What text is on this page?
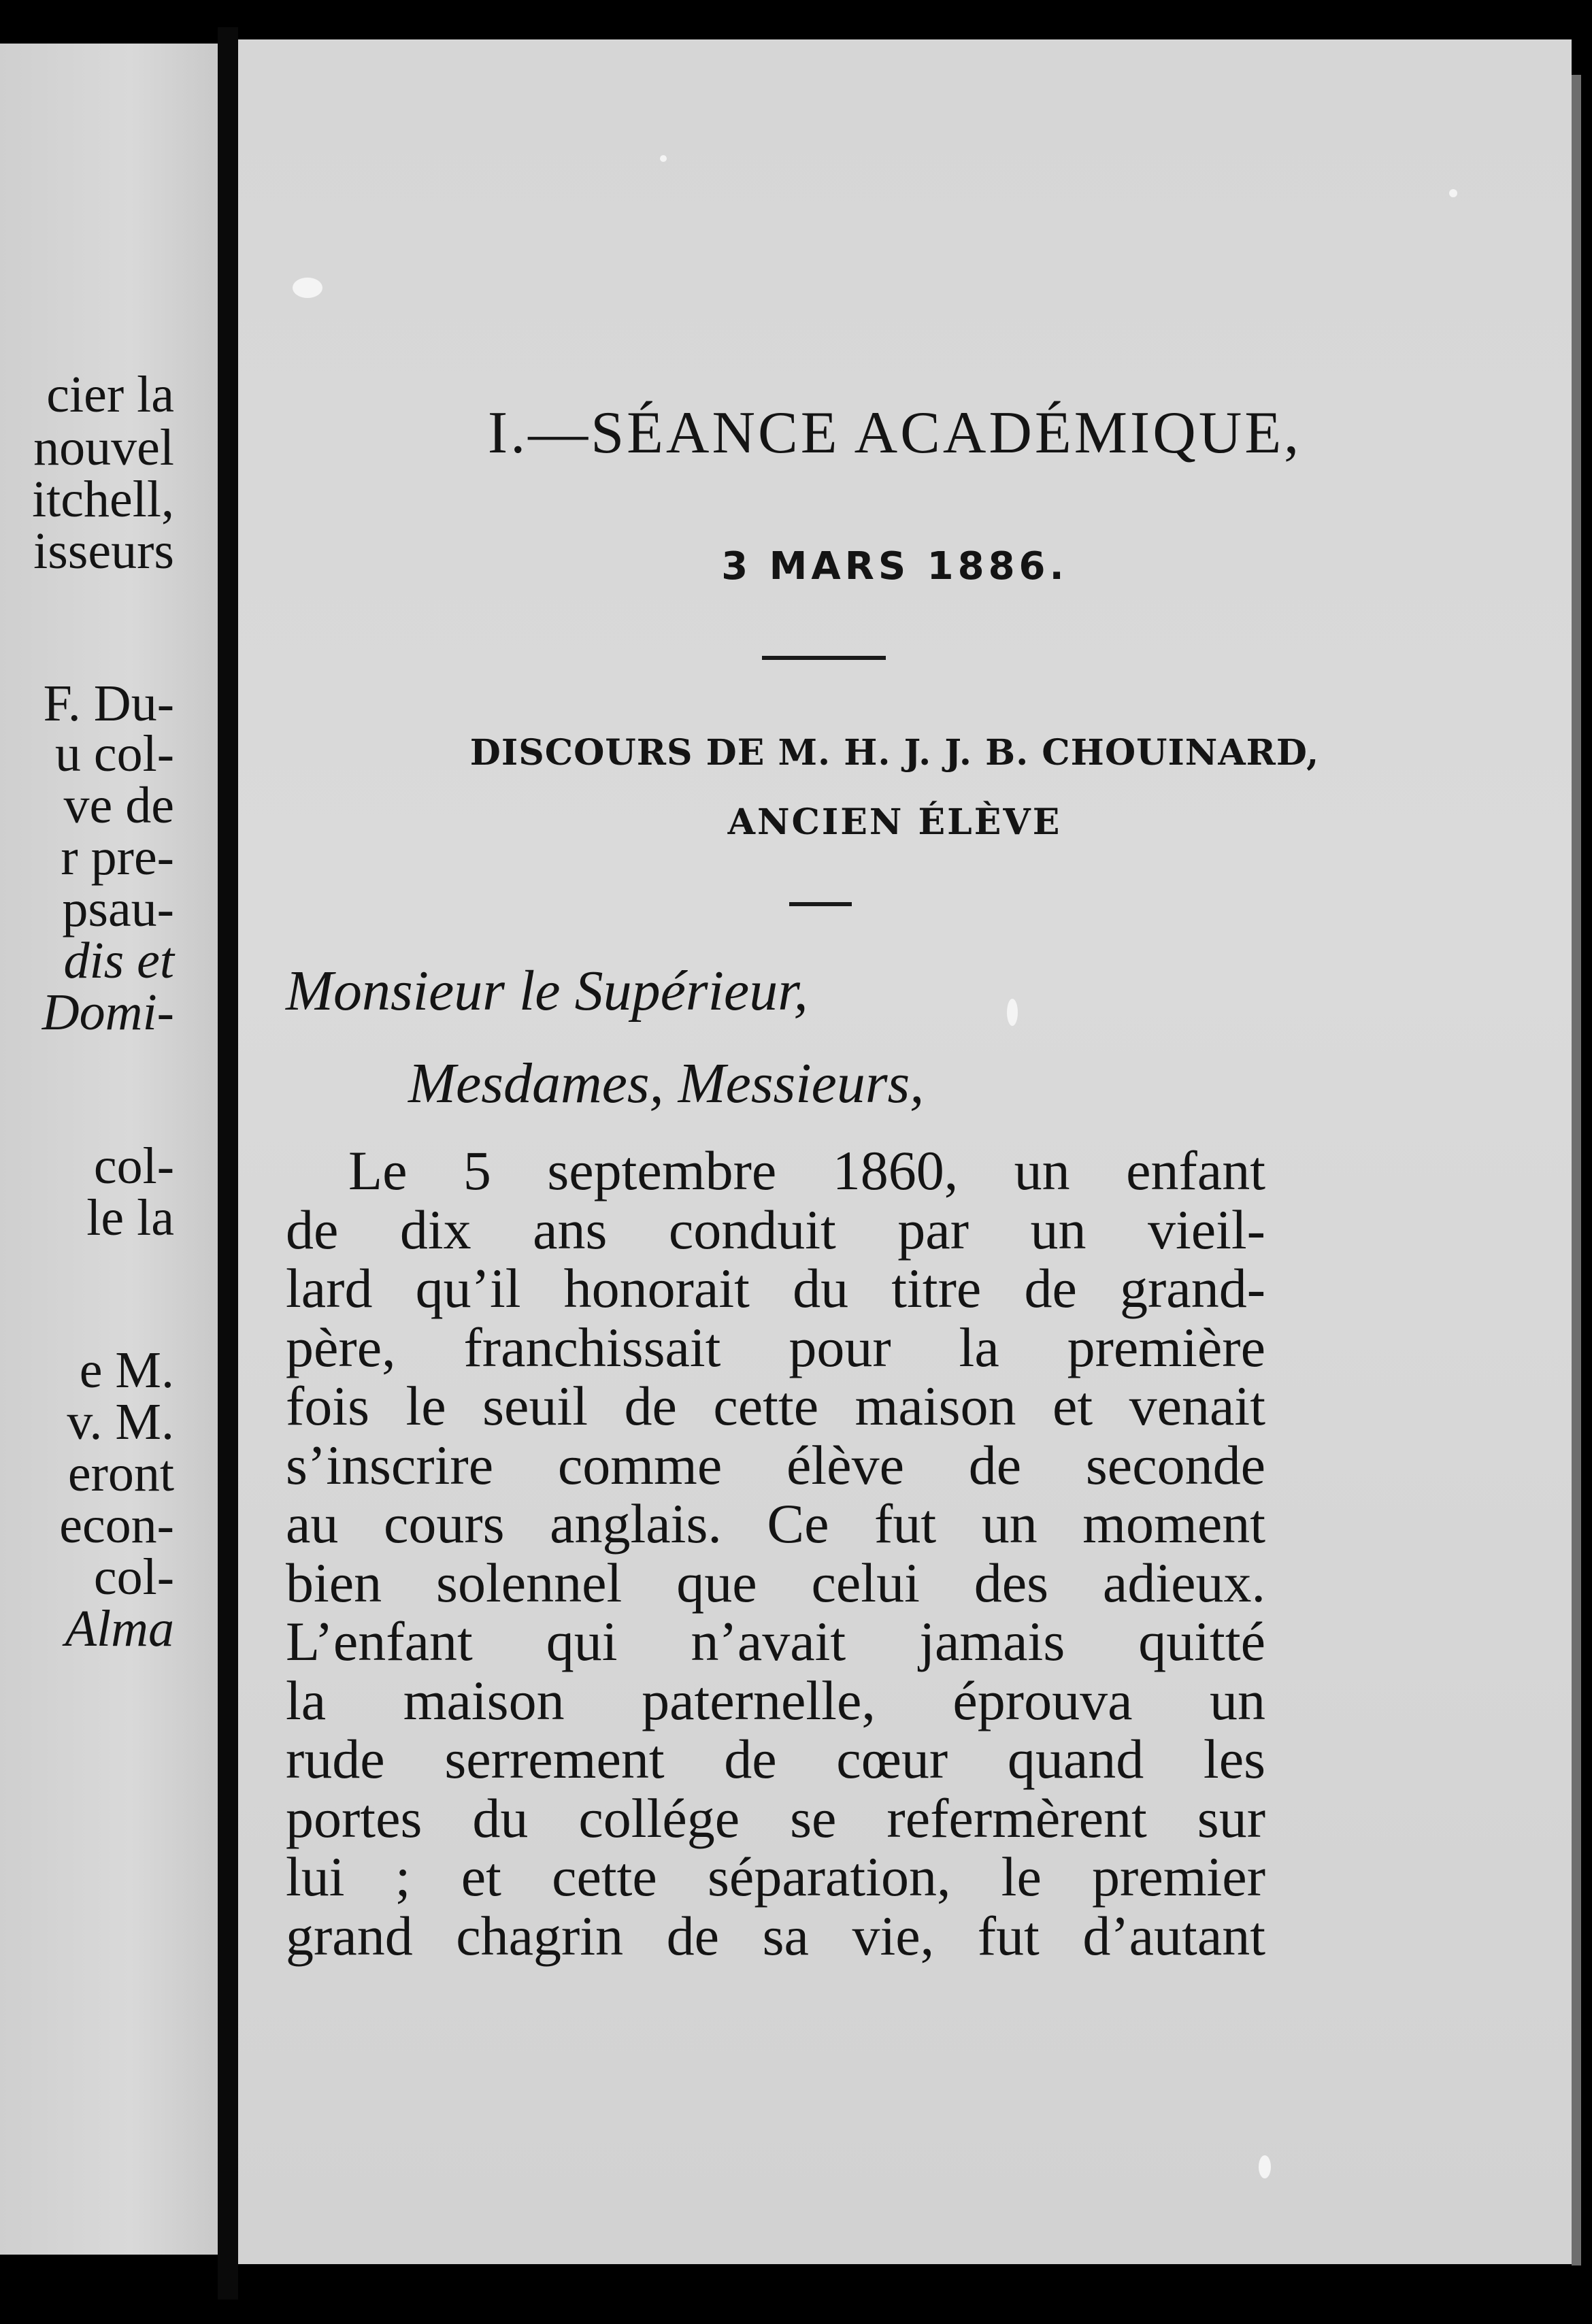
cier la
nouvel
itchell,
isseurs
F. Du-
u col-
ve de
r pre-
psau-
dis et
Domi-
col-
le la
e M.
v. M.
eront
econ-
col-
Alma
I.—SÉANCE ACADÉMIQUE,
3 MARS 1886.
DISCOURS DE M. H. J. J. B. CHOUINARD,
ANCIEN ÉLÈVE
Monsieur le Supérieur,
Mesdames, Messieurs,
Le 5 septembre 1860, un enfant
de dix ans conduit par un vieil-
lard qu’il honorait du titre de grand-
père, franchissait pour la première
fois le seuil de cette maison et venait
s’inscrire comme élève de seconde
au cours anglais. Ce fut un moment
bien solennel que celui des adieux.
L’enfant qui n’avait jamais quitté
la maison paternelle, éprouva un
rude serrement de cœur quand les
portes du collége se refermèrent sur
lui ; et cette séparation, le premier
grand chagrin de sa vie, fut d’autant
